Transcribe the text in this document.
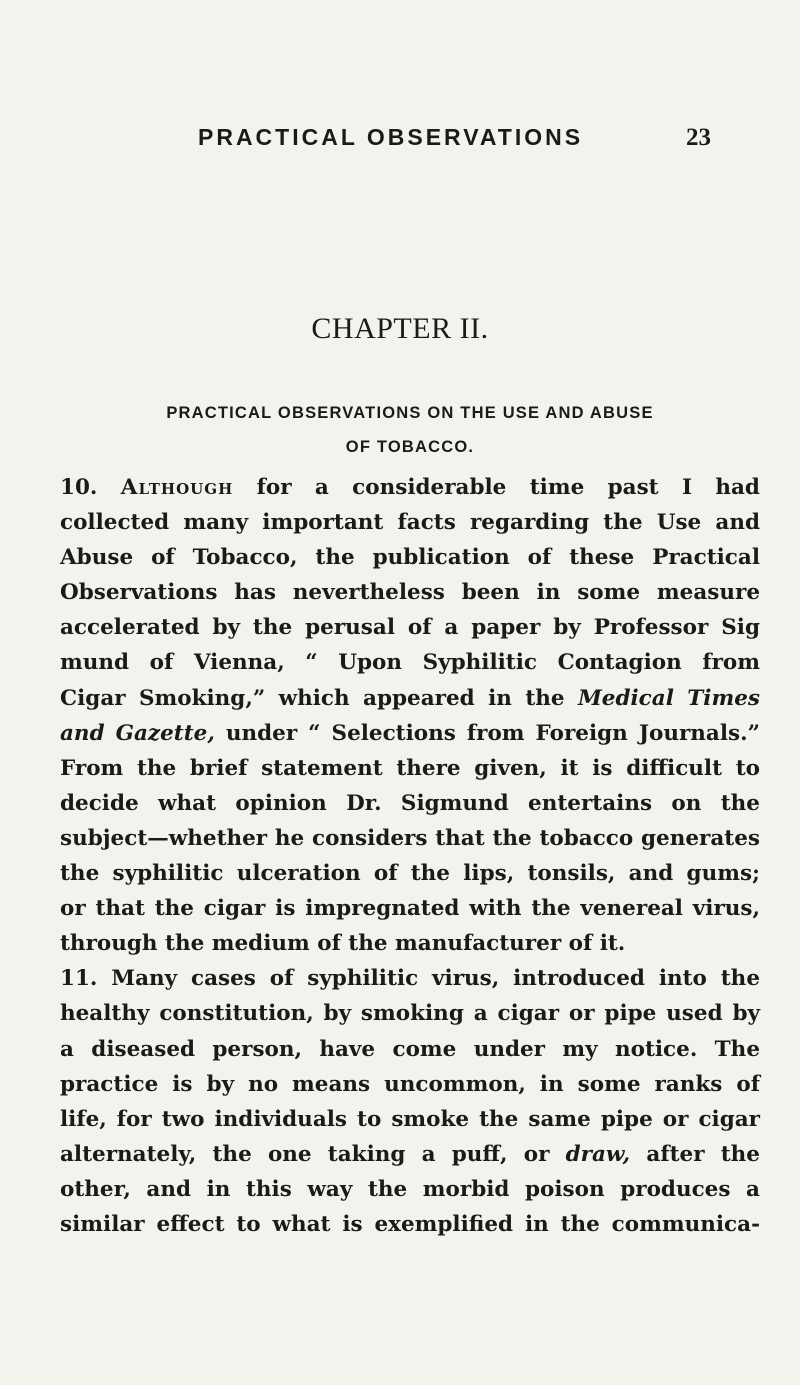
PRACTICAL OBSERVATIONS	23
CHAPTER II.
PRACTICAL OBSERVATIONS ON THE USE AND ABUSE
OF TOBACCO.
10. Although for a considerable time past I had
collected many important facts regarding the Use and
Abuse of Tobacco, the publication of these Practical
Observations has nevertheless been in some measure
accelerated by the perusal of a paper by Professor Sig
mund of Vienna, “ Upon Syphilitic Contagion from
Cigar Smoking,” which appeared in the Medical Times
and Gazette, under “ Selections from Foreign Journals.”
From the brief statement there given, it is difficult to
decide what opinion Dr. Sigmund entertains on the
subject—whether he considers that the tobacco generates
the syphilitic ulceration of the lips, tonsils, and gums;
or that the cigar is impregnated with the venereal virus,
through the medium of the manufacturer of it.
11. Many cases of syphilitic virus, introduced into the
healthy constitution, by smoking a cigar or pipe used by
a diseased person, have come under my notice. The
practice is by no means uncommon, in some ranks of
life, for two individuals to smoke the same pipe or cigar
alternately, the one taking a puff, or draw, after the
other, and in this way the morbid poison produces a
similar effect to what is exemplified in the communica-
